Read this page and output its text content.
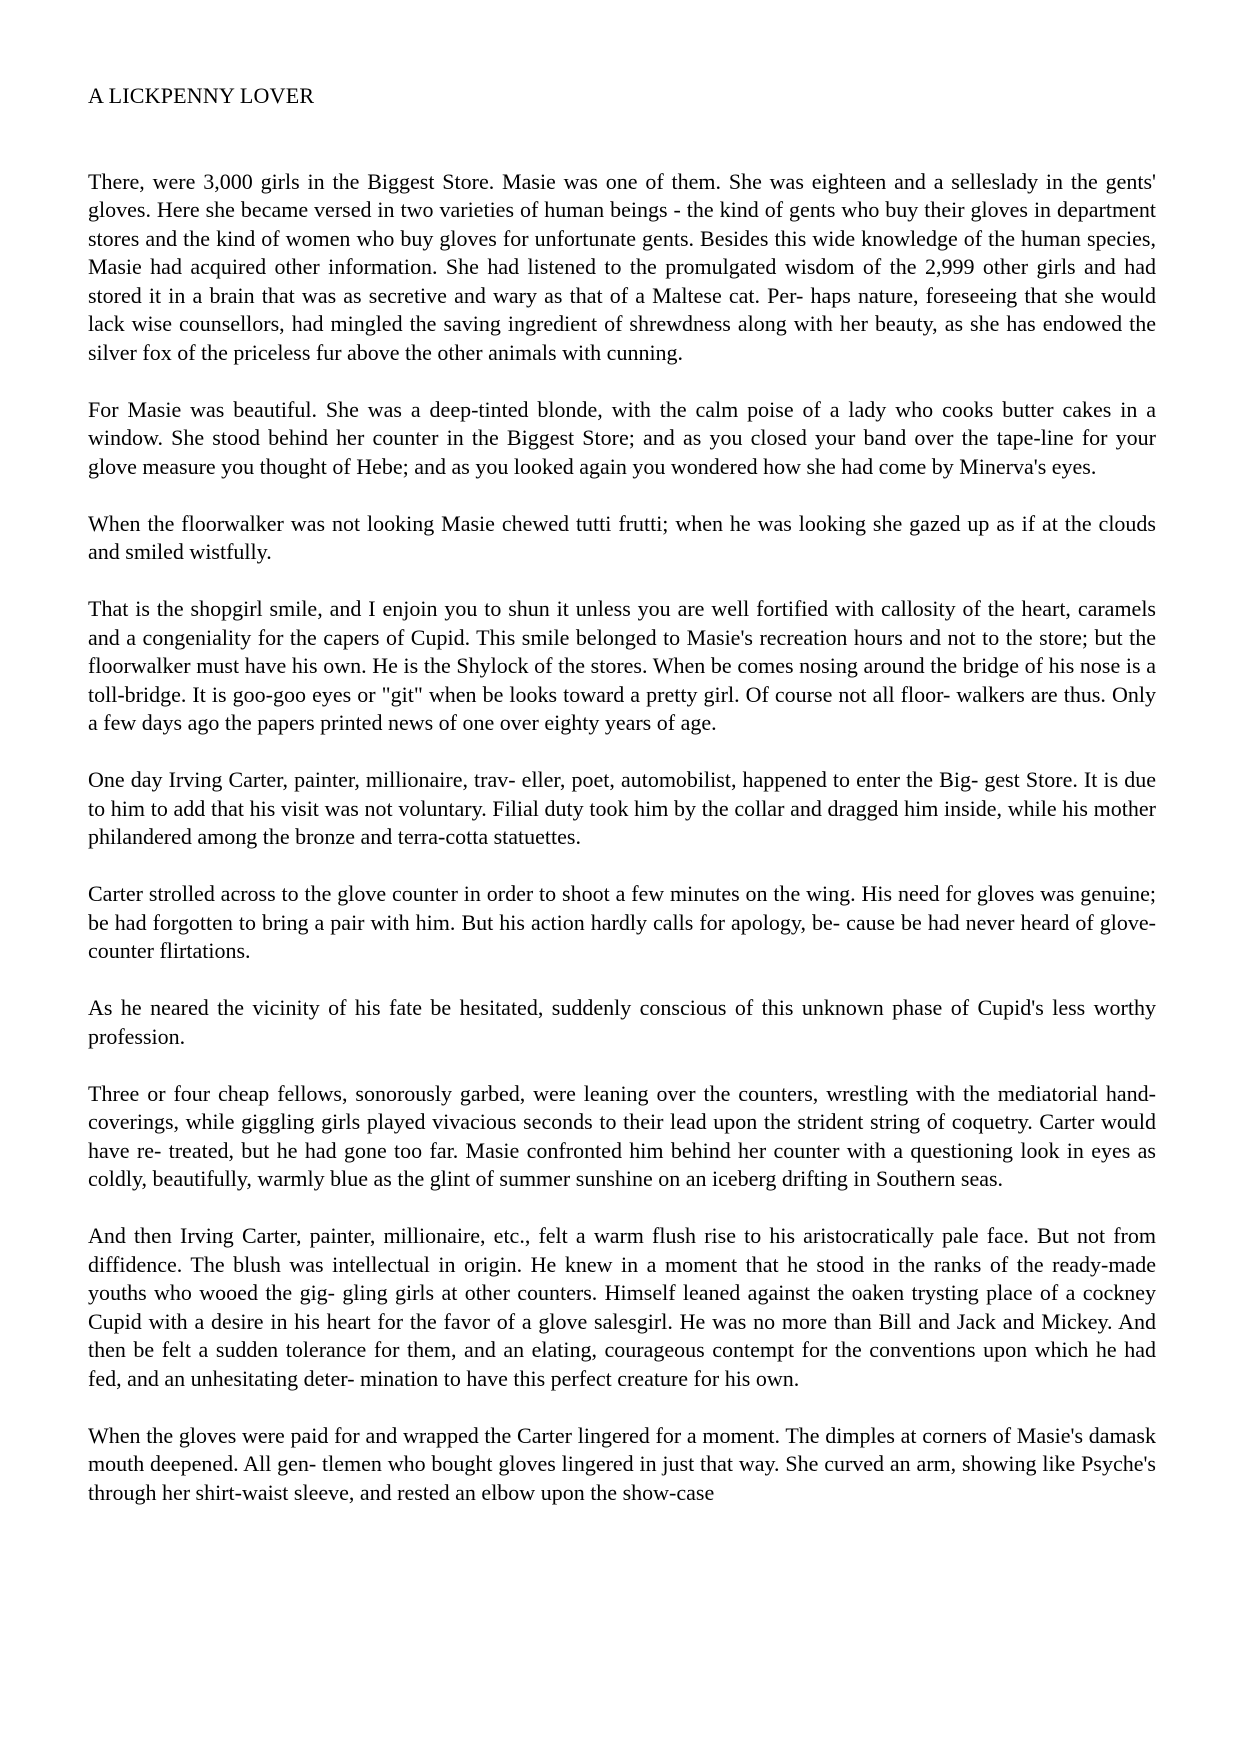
A LICKPENNY LOVER

There, were 3,000 girls in the Biggest Store. Masie was one of them. She was eighteen and a selleslady in the gents' gloves. Here she became versed in two varieties of human beings - the kind of gents who buy their gloves in department stores and the kind of women who buy gloves for unfortunate gents. Besides this wide knowledge of the human species, Masie had acquired other information. She had listened to the promulgated wisdom of the 2,999 other girls and had stored it in a brain that was as secretive and wary as that of a Maltese cat. Per- haps nature, foreseeing that she would lack wise counsellors, had mingled the saving ingredient of shrewdness along with her beauty, as she has endowed the silver fox of the priceless fur above the other animals with cunning.

For Masie was beautiful. She was a deep-tinted blonde, with the calm poise of a lady who cooks butter cakes in a window. She stood behind her counter in the Biggest Store; and as you closed your band over the tape-line for your glove measure you thought of Hebe; and as you looked again you wondered how she had come by Minerva's eyes.

When the floorwalker was not looking Masie chewed tutti frutti; when he was looking she gazed up as if at the clouds and smiled wistfully.

That is the shopgirl smile, and I enjoin you to shun it unless you are well fortified with callosity of the heart, caramels and a congeniality for the capers of Cupid. This smile belonged to Masie's recreation hours and not to the store; but the floorwalker must have his own. He is the Shylock of the stores. When be comes nosing around the bridge of his nose is a toll-bridge. It is goo-goo eyes or "git" when be looks toward a pretty girl. Of course not all floor- walkers are thus. Only a few days ago the papers printed news of one over eighty years of age.

One day Irving Carter, painter, millionaire, trav- eller, poet, automobilist, happened to enter the Big- gest Store. It is due to him to add that his visit was not voluntary. Filial duty took him by the collar and dragged him inside, while his mother philandered among the bronze and terra-cotta statuettes.

Carter strolled across to the glove counter in order to shoot a few minutes on the wing. His need for gloves was genuine; be had forgotten to bring a pair with him. But his action hardly calls for apology, be- cause be had never heard of glove-counter flirtations.

As he neared the vicinity of his fate be hesitated, suddenly conscious of this unknown phase of Cupid's less worthy profession.

Three or four cheap fellows, sonorously garbed, were leaning over the counters, wrestling with the mediatorial hand-coverings, while giggling girls played vivacious seconds to their lead upon the strident string of coquetry. Carter would have re- treated, but he had gone too far. Masie confronted him behind her counter with a questioning look in eyes as coldly, beautifully, warmly blue as the glint of summer sunshine on an iceberg drifting in Southern seas.

And then Irving Carter, painter, millionaire, etc., felt a warm flush rise to his aristocratically pale face. But not from diffidence. The blush was intellectual in origin. He knew in a moment that he stood in the ranks of the ready-made youths who wooed the gig- gling girls at other counters. Himself leaned against the oaken trysting place of a cockney Cupid with a desire in his heart for the favor of a glove salesgirl. He was no more than Bill and Jack and Mickey. And then be felt a sudden tolerance for them, and an elating, courageous contempt for the conventions upon which he had fed, and an unhesitating deter- mination to have this perfect creature for his own.

When the gloves were paid for and wrapped the Carter lingered for a moment. The dimples at corners of Masie's damask mouth deepened. All gen- tlemen who bought gloves lingered in just that way. She curved an arm, showing like Psyche's through her shirt-waist sleeve, and rested an elbow upon the show-case
